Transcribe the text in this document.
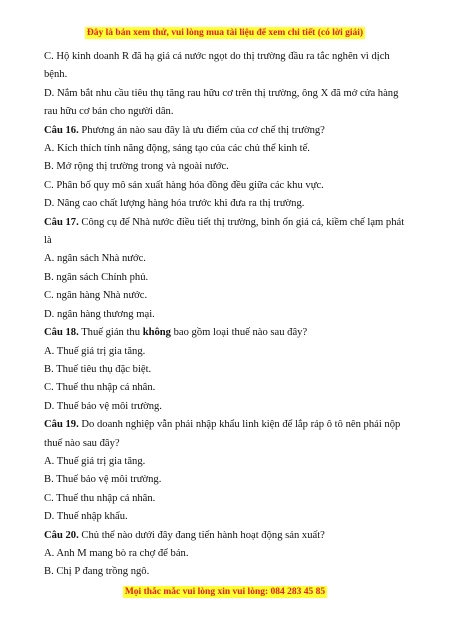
Đây là bản xem thử, vui lòng mua tài liệu để xem chi tiết (có lời giải)
C. Hộ kinh doanh R đã hạ giá cá nước ngọt do thị trường đầu ra tắc nghẽn vì dịch
bệnh.
D. Nắm bắt nhu cầu tiêu thụ tăng rau hữu cơ trên thị trường, ông X đã mở cửa hàng
rau hữu cơ bán cho người dân.
Câu 16. Phương án nào sau đây là ưu điểm của cơ chế thị trường?
A. Kích thích tính năng động, sáng tạo của các chủ thể kinh tế.
B. Mở rộng thị trường trong và ngoài nước.
C. Phân bố quy mô sản xuất hàng hóa đồng đều giữa các khu vực.
D. Nâng cao chất lượng hàng hóa trước khi đưa ra thị trường.
Câu 17. Công cụ để Nhà nước điều tiết thị trường, bình ổn giá cả, kiềm chế lạm phát
là
A. ngân sách Nhà nước.
B. ngân sách Chính phủ.
C. ngân hàng Nhà nước.
D. ngân hàng thương mại.
Câu 18. Thuế gián thu không bao gồm loại thuế nào sau đây?
A. Thuế giá trị gia tăng.
B. Thuế tiêu thụ đặc biệt.
C. Thuế thu nhập cá nhân.
D. Thuế bảo vệ môi trường.
Câu 19. Do doanh nghiệp vẫn phải nhập khẩu linh kiện để lắp ráp ô tô nên phải nộp
thuế nào sau đây?
A. Thuế giá trị gia tăng.
B. Thuế bảo vệ môi trường.
C. Thuế thu nhập cá nhân.
D. Thuế nhập khẩu.
Câu 20. Chủ thể nào dưới đây đang tiến hành hoạt động sản xuất?
A. Anh M mang bò ra chợ để bán.
B. Chị P đang trồng ngô.
Mọi thắc mắc vui lòng xin vui lòng: 084 283 45 85
